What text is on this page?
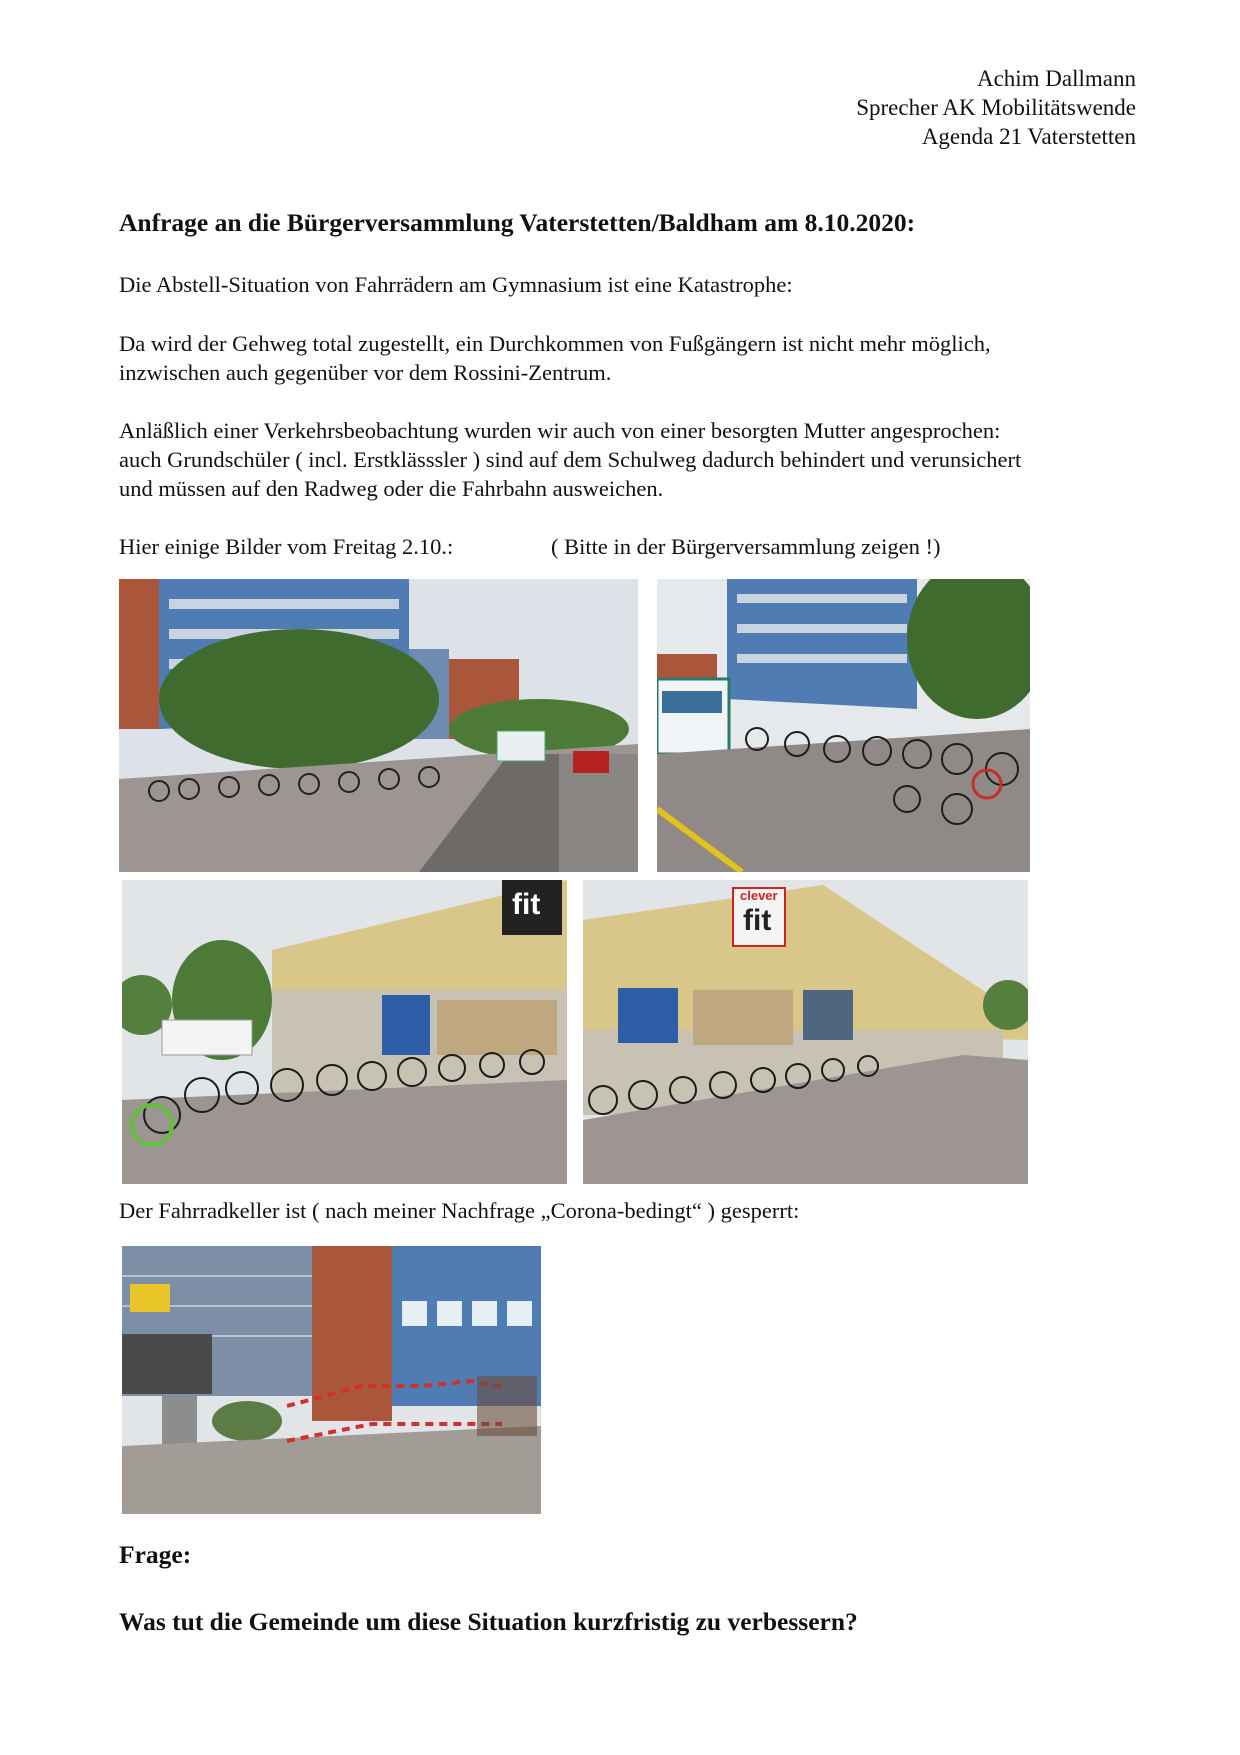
Achim Dallmann
Sprecher AK Mobilitätswende
Agenda 21 Vaterstetten
Anfrage an die Bürgerversammlung Vaterstetten/Baldham am 8.10.2020:
Die Abstell-Situation von Fahrrädern am Gymnasium ist eine Katastrophe:
Da wird der Gehweg total zugestellt, ein Durchkommen von Fußgängern ist nicht mehr möglich,
inzwischen auch gegenüber vor dem Rossini-Zentrum.
Anläßlich einer Verkehrsbeobachtung wurden wir auch von einer besorgten Mutter angesprochen:
auch Grundschüler ( incl. Erstklässsler ) sind auf dem Schulweg dadurch behindert und verunsichert
und müssen auf den Radweg oder die Fahrbahn ausweichen.
Hier einige Bilder vom Freitag 2.10.:	( Bitte in der Bürgerversammlung zeigen !)
fit	clever
fit
Der Fahrradkeller ist ( nach meiner Nachfrage „Corona-bedingt“ ) gesperrt:
Frage:
Was tut die Gemeinde um diese Situation kurzfristig zu verbessern?
